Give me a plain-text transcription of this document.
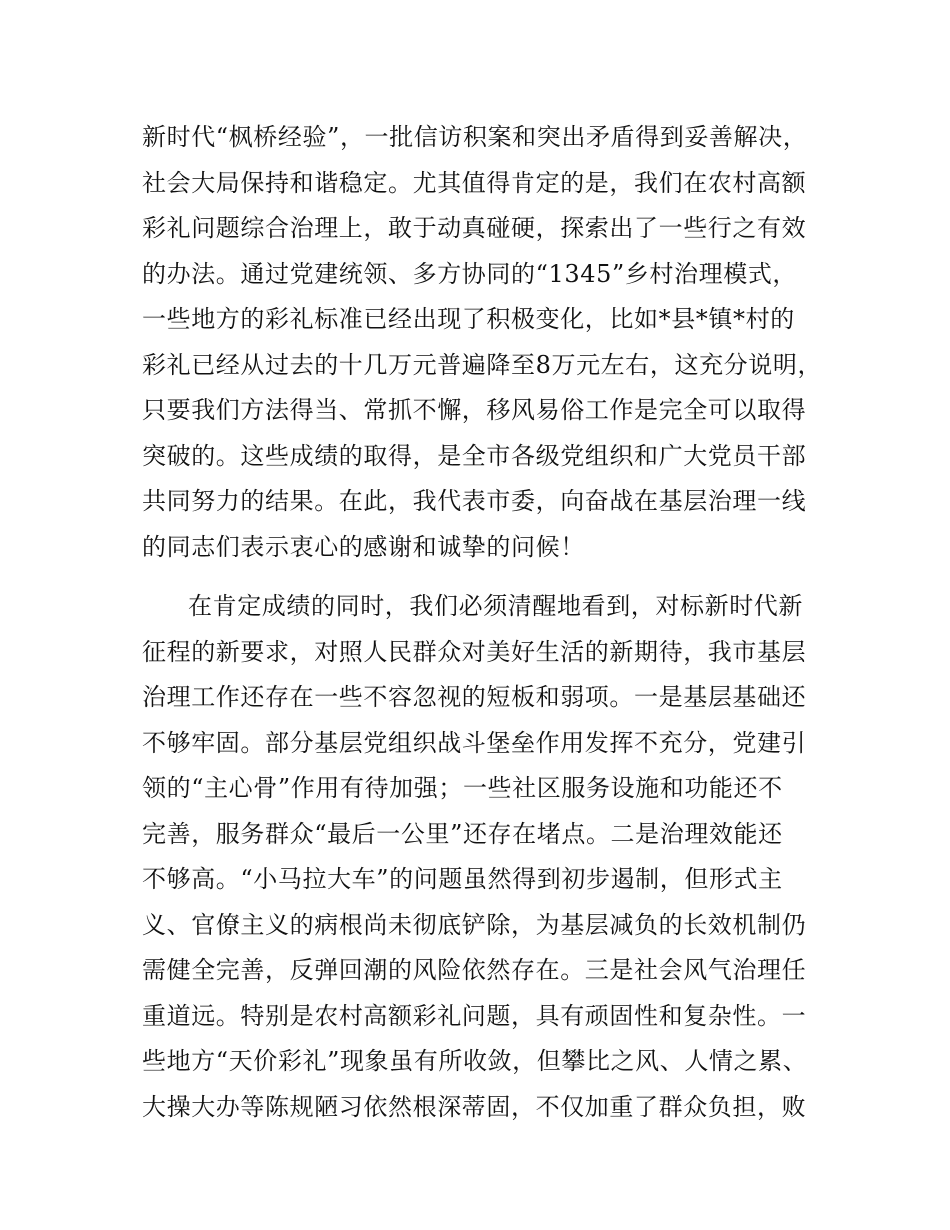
新时代“枫桥经验”，一批信访积案和突出矛盾得到妥善解决，
社会大局保持和谐稳定。尤其值得肯定的是，我们在农村高额
彩礼问题综合治理上，敢于动真碰硬，探索出了一些行之有效
的办法。通过党建统领、多方协同的“1345”乡村治理模式，
一些地方的彩礼标准已经出现了积极变化，比如*县*镇*村的
彩礼已经从过去的十几万元普遍降至8万元左右，这充分说明，
只要我们方法得当、常抓不懈，移风易俗工作是完全可以取得
突破的。这些成绩的取得，是全市各级党组织和广大党员干部
共同努力的结果。在此，我代表市委，向奋战在基层治理一线
的同志们表示衷心的感谢和诚挚的问候！
在肯定成绩的同时，我们必须清醒地看到，对标新时代新
征程的新要求，对照人民群众对美好生活的新期待，我市基层
治理工作还存在一些不容忽视的短板和弱项。一是基层基础还
不够牢固。部分基层党组织战斗堡垒作用发挥不充分，党建引
领的“主心骨”作用有待加强；一些社区服务设施和功能还不
完善，服务群众“最后一公里”还存在堵点。二是治理效能还
不够高。“小马拉大车”的问题虽然得到初步遏制，但形式主
义、官僚主义的病根尚未彻底铲除，为基层减负的长效机制仍
需健全完善，反弹回潮的风险依然存在。三是社会风气治理任
重道远。特别是农村高额彩礼问题，具有顽固性和复杂性。一
些地方“天价彩礼”现象虽有所收敛，但攀比之风、人情之累、
大操大办等陈规陋习依然根深蒂固，不仅加重了群众负担，败
